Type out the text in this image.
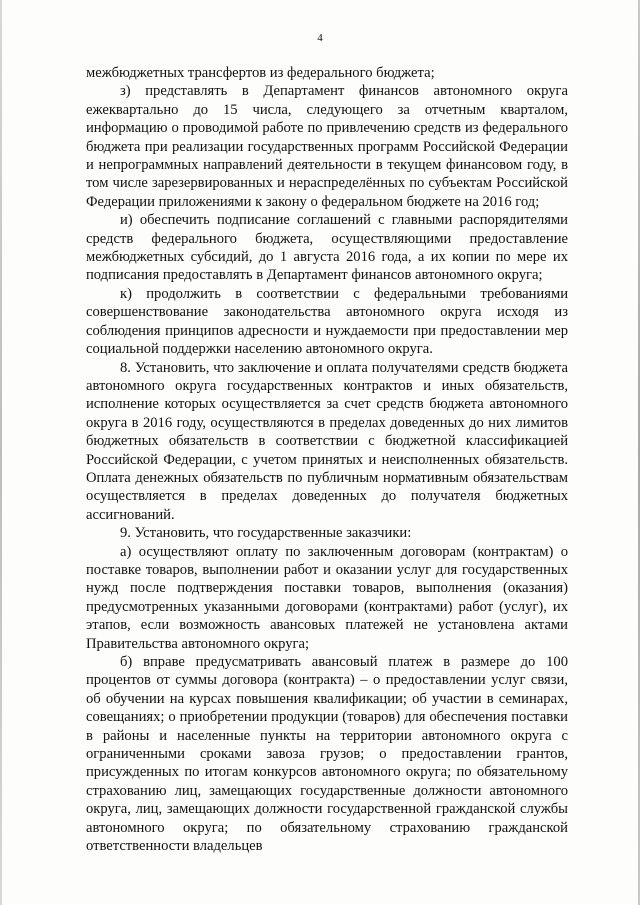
4

межбюджетных трансфертов из федерального бюджета;

з) представлять в Департамент финансов автономного округа ежеквартально до 15 числа, следующего за отчетным кварталом, информацию о проводимой работе по привлечению средств из федерального бюджета при реализации государственных программ Российской Федерации и непрограммных направлений деятельности в текущем финансовом году, в том числе зарезервированных и нераспределённых по субъектам Российской Федерации приложениями к закону о федеральном бюджете на 2016 год;

и) обеспечить подписание соглашений с главными распорядителями средств федерального бюджета, осуществляющими предоставление межбюджетных субсидий, до 1 августа 2016 года, а их копии по мере их подписания предоставлять в Департамент финансов автономного округа;

к) продолжить в соответствии с федеральными требованиями совершенствование законодательства автономного округа исходя из соблюдения принципов адресности и нуждаемости при предоставлении мер социальной поддержки населению автономного округа.

8. Установить, что заключение и оплата получателями средств бюджета автономного округа государственных контрактов и иных обязательств, исполнение которых осуществляется за счет средств бюджета автономного округа в 2016 году, осуществляются в пределах доведенных до них лимитов бюджетных обязательств в соответствии с бюджетной классификацией Российской Федерации, с учетом принятых и неисполненных обязательств. Оплата денежных обязательств по публичным нормативным обязательствам осуществляется в пределах доведенных до получателя бюджетных ассигнований.

9. Установить, что государственные заказчики:

а) осуществляют оплату по заключенным договорам (контрактам) о поставке товаров, выполнении работ и оказании услуг для государственных нужд после подтверждения поставки товаров, выполнения (оказания) предусмотренных указанными договорами (контрактами) работ (услуг), их этапов, если возможность авансовых платежей не установлена актами Правительства автономного округа;

б) вправе предусматривать авансовый платеж в размере до 100 процентов от суммы договора (контракта) – о предоставлении услуг связи, об обучении на курсах повышения квалификации; об участии в семинарах, совещаниях; о приобретении продукции (товаров) для обеспечения поставки в районы и населенные пункты на территории автономного округа с ограниченными сроками завоза грузов; о предоставлении грантов, присужденных по итогам конкурсов автономного округа; по обязательному страхованию лиц, замещающих государственные должности автономного округа, лиц, замещающих должности государственной гражданской службы автономного округа; по обязательному страхованию гражданской ответственности владельцев
